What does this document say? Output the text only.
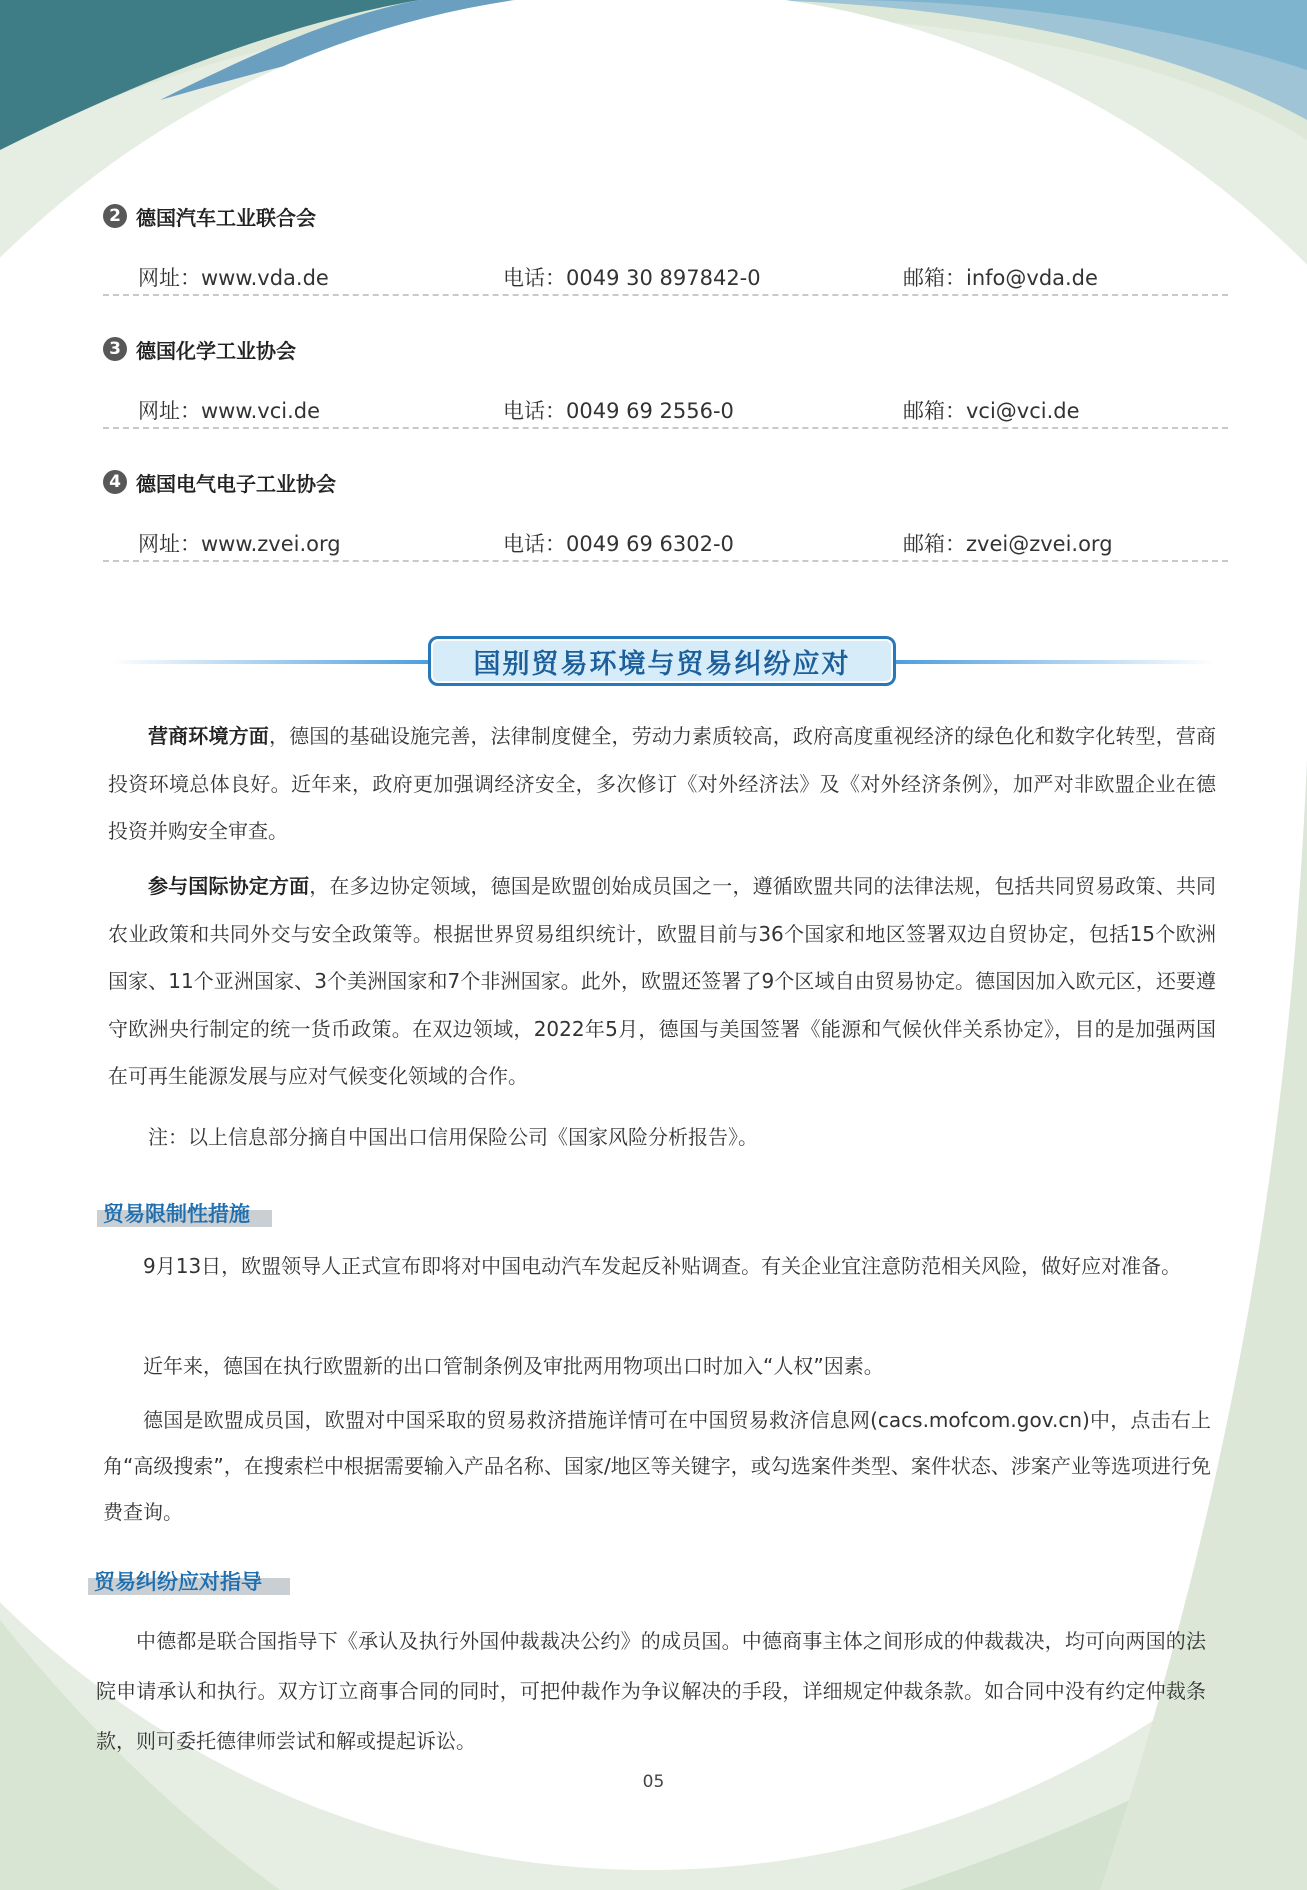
2 德国汽车工业联合会
网址：www.vda.de	电话：0049 30 897842-0	邮箱：info@vda.de
3 德国化学工业协会
网址：www.vci.de	电话：0049 69 2556-0	邮箱：vci@vci.de
4 德国电气电子工业协会
网址：www.zvei.org	电话：0049 69 6302-0	邮箱：zvei@zvei.org
国别贸易环境与贸易纠纷应对

营商环境方面，德国的基础设施完善，法律制度健全，劳动力素质较高，政府高度重视经济的绿色化和数字化转型，营商投资环境总体良好。近年来，政府更加强调经济安全，多次修订《对外经济法》及《对外经济条例》，加严对非欧盟企业在德投资并购安全审查。

参与国际协定方面，在多边协定领域，德国是欧盟创始成员国之一，遵循欧盟共同的法律法规，包括共同贸易政策、共同农业政策和共同外交与安全政策等。根据世界贸易组织统计，欧盟目前与36个国家和地区签署双边自贸协定，包括15个欧洲国家、11个亚洲国家、3个美洲国家和7个非洲国家。此外，欧盟还签署了9个区域自由贸易协定。德国因加入欧元区，还要遵守欧洲央行制定的统一货币政策。在双边领域，2022年5月，德国与美国签署《能源和气候伙伴关系协定》，目的是加强两国在可再生能源发展与应对气候变化领域的合作。

注：以上信息部分摘自中国出口信用保险公司《国家风险分析报告》。

贸易限制性措施

9月13日，欧盟领导人正式宣布即将对中国电动汽车发起反补贴调查。有关企业宜注意防范相关风险，做好应对准备。

近年来，德国在执行欧盟新的出口管制条例及审批两用物项出口时加入“人权”因素。

德国是欧盟成员国，欧盟对中国采取的贸易救济措施详情可在中国贸易救济信息网(cacs.mofcom.gov.cn)中，点击右上角“高级搜索”，在搜索栏中根据需要输入产品名称、国家/地区等关键字，或勾选案件类型、案件状态、涉案产业等选项进行免费查询。

贸易纠纷应对指导

中德都是联合国指导下《承认及执行外国仲裁裁决公约》的成员国。中德商事主体之间形成的仲裁裁决，均可向两国的法院申请承认和执行。双方订立商事合同的同时，可把仲裁作为争议解决的手段，详细规定仲裁条款。如合同中没有约定仲裁条款，则可委托德律师尝试和解或提起诉讼。

05
